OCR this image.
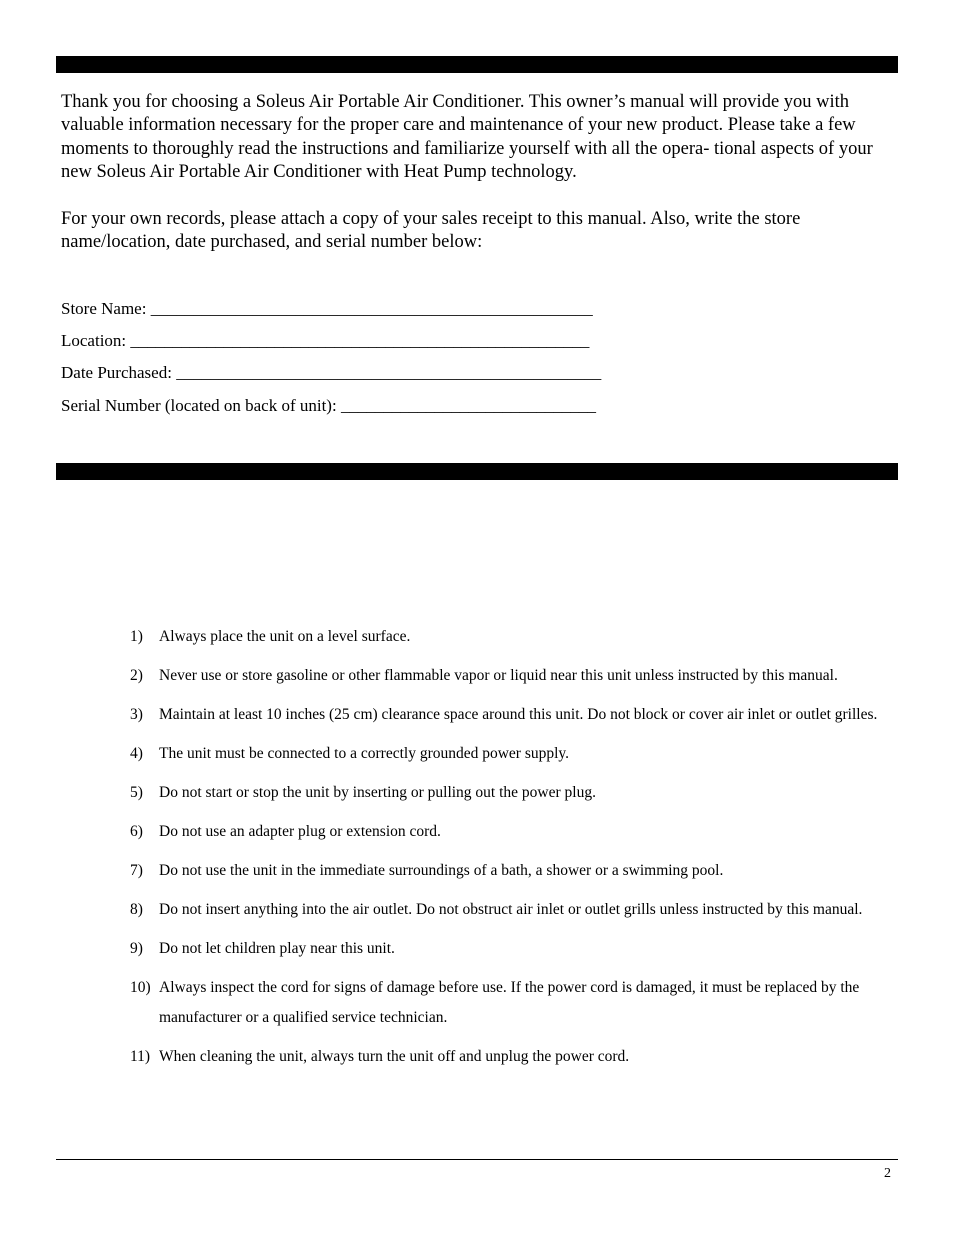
Thank you for choosing a Soleus Air Portable Air Conditioner. This owner’s manual will provide you with valuable information necessary for the proper care and maintenance of your new product. Please take a few moments to thoroughly read the instructions and familiarize yourself with all the opera- tional aspects of your new Soleus Air Portable Air Conditioner with Heat Pump technology.

For your own records, please attach a copy of your sales receipt to this manual. Also, write the store name/location, date purchased, and serial number below:

Store Name: ____________________________________________________
Location: ______________________________________________________
Date Purchased: __________________________________________________
Serial Number (located on back of unit): ______________________________
1) Always place the unit on a level surface.
2) Never use or store gasoline or other flammable vapor or liquid near this unit unless instructed by this manual.
3) Maintain at least 10 inches (25 cm) clearance space around this unit. Do not block or cover air inlet or outlet grilles.
4) The unit must be connected to a correctly grounded power supply.
5) Do not start or stop the unit by inserting or pulling out the power plug.
6) Do not use an adapter plug or extension cord.
7) Do not use the unit in the immediate surroundings of a bath, a shower or a swimming pool.
8) Do not insert anything into the air outlet. Do not obstruct air inlet or outlet grills unless instructed by this manual.
9) Do not let children play near this unit.
10) Always inspect the cord for signs of damage before use. If the power cord is damaged, it must be replaced by the manufacturer or a qualified service technician.
11) When cleaning the unit, always turn the unit off and unplug the power cord.
2
